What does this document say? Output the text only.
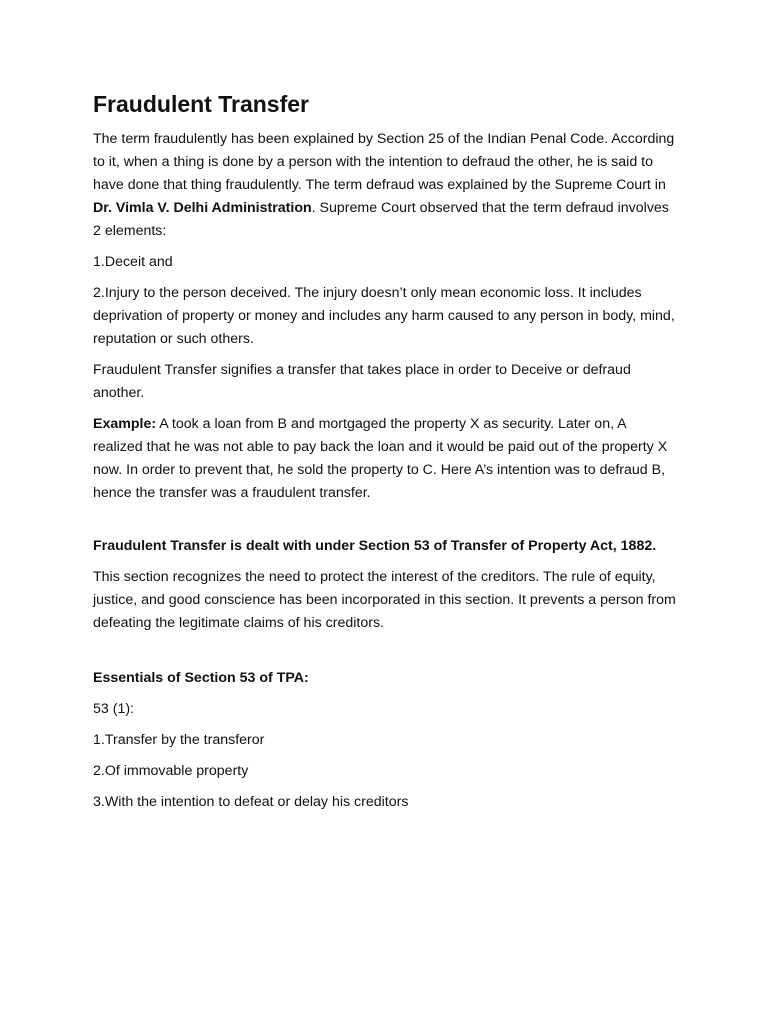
Fraudulent Transfer

The term fraudulently has been explained by Section 25 of the Indian Penal Code. According to it, when a thing is done by a person with the intention to defraud the other, he is said to have done that thing fraudulently. The term defraud was explained by the Supreme Court in Dr. Vimla V. Delhi Administration. Supreme Court observed that the term defraud involves 2 elements:

1.Deceit and

2.Injury to the person deceived. The injury doesn’t only mean economic loss. It includes deprivation of property or money and includes any harm caused to any person in body, mind, reputation or such others.

Fraudulent Transfer signifies a transfer that takes place in order to Deceive or defraud another.

Example: A took a loan from B and mortgaged the property X as security. Later on, A realized that he was not able to pay back the loan and it would be paid out of the property X now. In order to prevent that, he sold the property to C. Here A’s intention was to defraud B, hence the transfer was a fraudulent transfer.

Fraudulent Transfer is dealt with under Section 53 of Transfer of Property Act, 1882.

This section recognizes the need to protect the interest of the creditors. The rule of equity, justice, and good conscience has been incorporated in this section. It prevents a person from defeating the legitimate claims of his creditors.

Essentials of Section 53 of TPA:

53 (1):

1.Transfer by the transferor

2.Of immovable property

3.With the intention to defeat or delay his creditors
